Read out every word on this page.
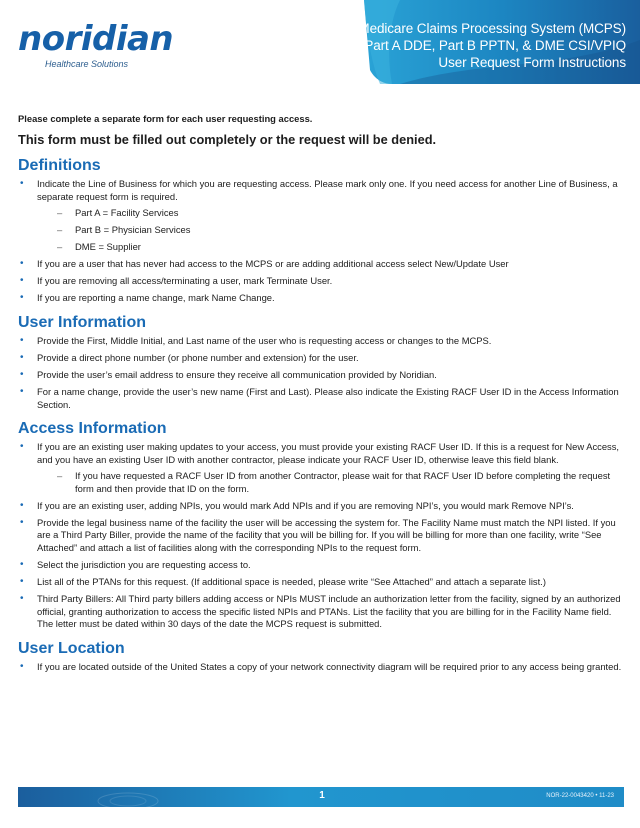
noridian
Healthcare Solutions
Medicare Claims Processing System (MCPS)
Part A DDE, Part B PPTN, & DME CSI/VPIQ
User Request Form Instructions

Please complete a separate form for each user requesting access.

This form must be filled out completely or the request will be denied.

Definitions
• Indicate the Line of Business for which you are requesting access. Please mark only one. If you need access for another Line of Business, a separate request form is required.
– Part A = Facility Services
– Part B = Physician Services
– DME = Supplier
• If you are a user that has never had access to the MCPS or are adding additional access select New/Update User
• If you are removing all access/terminating a user, mark Terminate User.
• If you are reporting a name change, mark Name Change.
User Information
• Provide the First, Middle Initial, and Last name of the user who is requesting access or changes to the MCPS.
• Provide a direct phone number (or phone number and extension) for the user.
• Provide the user’s email address to ensure they receive all communication provided by Noridian.
• For a name change, provide the user’s new name (First and Last). Please also indicate the Existing RACF User ID in the Access Information Section.
Access Information
• If you are an existing user making updates to your access, you must provide your existing RACF User ID. If this is a request for New Access, and you have an existing User ID with another contractor, please indicate your RACF User ID, otherwise leave this field blank.
– If you have requested a RACF User ID from another Contractor, please wait for that RACF User ID before completing the request form and then provide that ID on the form.
• If you are an existing user, adding NPIs, you would mark Add NPIs and if you are removing NPI’s, you would mark Remove NPI’s.
• Provide the legal business name of the facility the user will be accessing the system for. The Facility Name must match the NPI listed. If you are a Third Party Biller, provide the name of the facility that you will be billing for. If you will be billing for more than one facility, write “See Attached” and attach a list of facilities along with the corresponding NPIs to the request form.
• Select the jurisdiction you are requesting access to.
• List all of the PTANs for this request. (If additional space is needed, please write “See Attached” and attach a separate list.)
• Third Party Billers: All Third party billers adding access or NPIs MUST include an authorization letter from the facility, signed by an authorized official, granting authorization to access the specific listed NPIs and PTANs. List the facility that you are billing for in the Facility Name field. The letter must be dated within 30 days of the date the MCPS request is submitted.
User Location
• If you are located outside of the United States a copy of your network connectivity diagram will be required prior to any access being granted.
1	NOR-22-0043420 • 11-23
